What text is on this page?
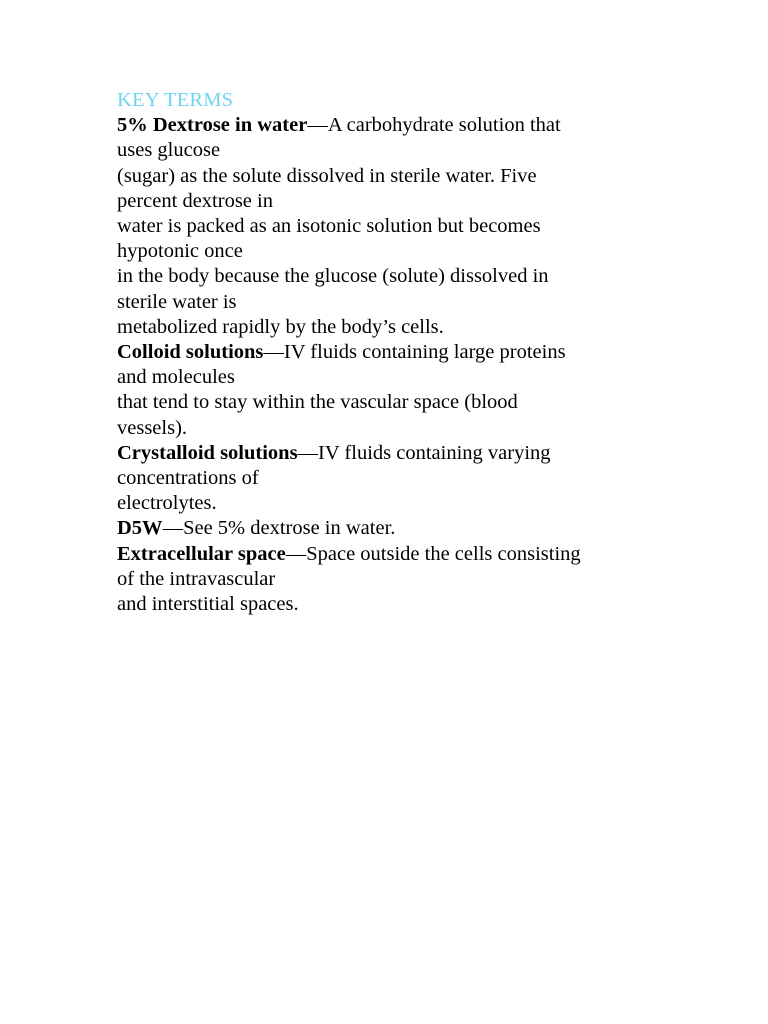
KEY TERMS
5% Dextrose in water—A carbohydrate solution that
uses glucose
(sugar) as the solute dissolved in sterile water. Five
percent dextrose in
water is packed as an isotonic solution but becomes
hypotonic once
in the body because the glucose (solute) dissolved in
sterile water is
metabolized rapidly by the body’s cells.
Colloid solutions—IV fluids containing large proteins
and molecules
that tend to stay within the vascular space (blood
vessels).
Crystalloid solutions—IV fluids containing varying
concentrations of
electrolytes.
D5W—See 5% dextrose in water.
Extracellular space—Space outside the cells consisting
of the intravascular
and interstitial spaces.
